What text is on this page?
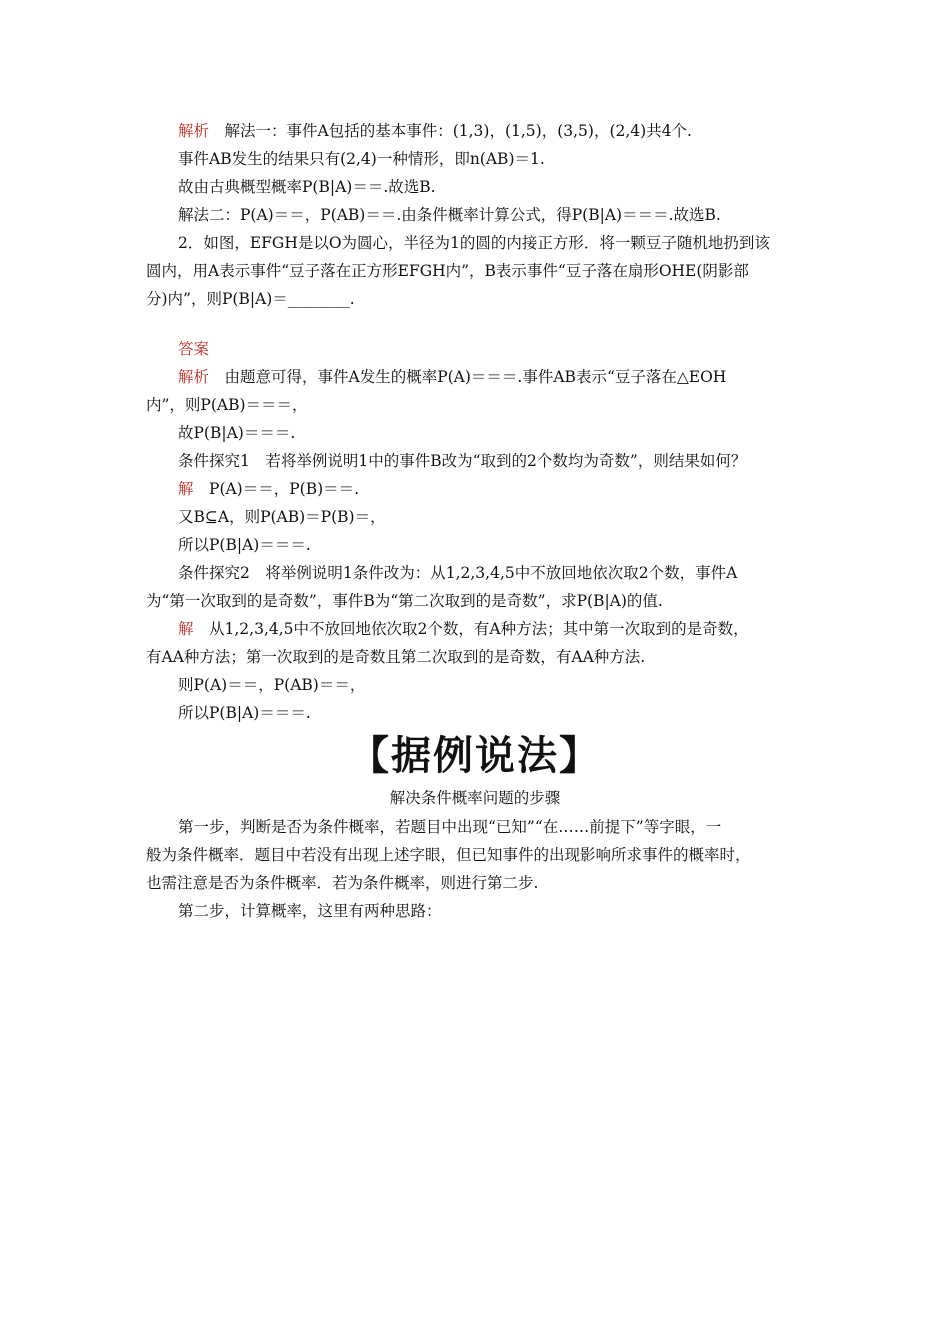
解析　解法一：事件A包括的基本事件：(1,3)，(1,5)，(3,5)，(2,4)共4个.
事件AB发生的结果只有(2,4)一种情形，即n(AB)＝1.
故由古典概型概率P(B|A)＝＝.故选B.
解法二：P(A)＝＝，P(AB)＝＝.由条件概率计算公式，得P(B|A)＝＝＝.故选B.
2．如图，EFGH是以O为圆心，半径为1的圆的内接正方形．将一颗豆子随机地扔到该
圆内，用A表示事件“豆子落在正方形EFGH内”，B表示事件“豆子落在扇形OHE(阴影部
分)内”，则P(B|A)＝________.
答案
解析　由题意可得，事件A发生的概率P(A)＝＝＝.事件AB表示“豆子落在△EOH
内”，则P(AB)＝＝＝，
故P(B|A)＝＝＝.
条件探究1　若将举例说明1中的事件B改为“取到的2个数均为奇数”，则结果如何？
解　P(A)＝＝，P(B)＝＝.
又B⊆A，则P(AB)＝P(B)＝，
所以P(B|A)＝＝＝.
条件探究2　将举例说明1条件改为：从1,2,3,4,5中不放回地依次取2个数，事件A
为“第一次取到的是奇数”，事件B为“第二次取到的是奇数”，求P(B|A)的值.
解　从1,2,3,4,5中不放回地依次取2个数，有A种方法；其中第一次取到的是奇数，
有AA种方法；第一次取到的是奇数且第二次取到的是奇数，有AA种方法.
则P(A)＝＝，P(AB)＝＝，
所以P(B|A)＝＝＝.
【据例说法】
解决条件概率问题的步骤
第一步，判断是否为条件概率，若题目中出现“已知”“在……前提下”等字眼，一
般为条件概率．题目中若没有出现上述字眼，但已知事件的出现影响所求事件的概率时，
也需注意是否为条件概率．若为条件概率，则进行第二步.
第二步，计算概率，这里有两种思路：
